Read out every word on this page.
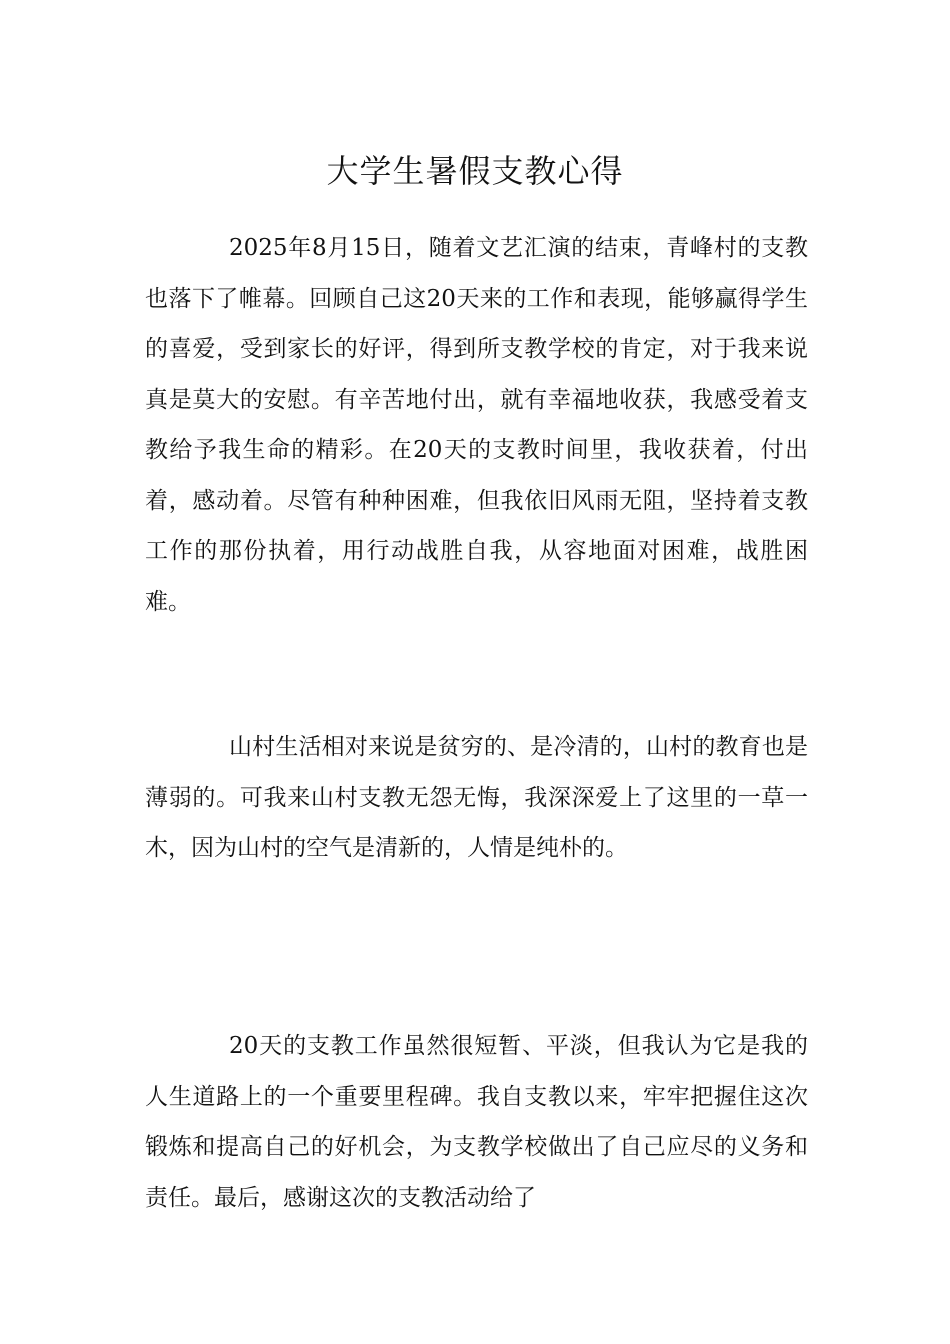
大学生暑假支教心得

2025年8月15日，随着文艺汇演的结束，青峰村的支教也落下了帷幕。回顾自己这20天来的工作和表现，能够赢得学生的喜爱，受到家长的好评，得到所支教学校的肯定，对于我来说真是莫大的安慰。有辛苦地付出，就有幸福地收获，我感受着支教给予我生命的精彩。在20天的支教时间里，我收获着，付出着，感动着。尽管有种种困难，但我依旧风雨无阻，坚持着支教工作的那份执着，用行动战胜自我，从容地面对困难，战胜困难。

山村生活相对来说是贫穷的、是冷清的，山村的教育也是薄弱的。可我来山村支教无怨无悔，我深深爱上了这里的一草一木，因为山村的空气是清新的，人情是纯朴的。

20天的支教工作虽然很短暂、平淡，但我认为它是我的人生道路上的一个重要里程碑。我自支教以来，牢牢把握住这次锻炼和提高自己的好机会，为支教学校做出了自己应尽的义务和责任。最后，感谢这次的支教活动给了
